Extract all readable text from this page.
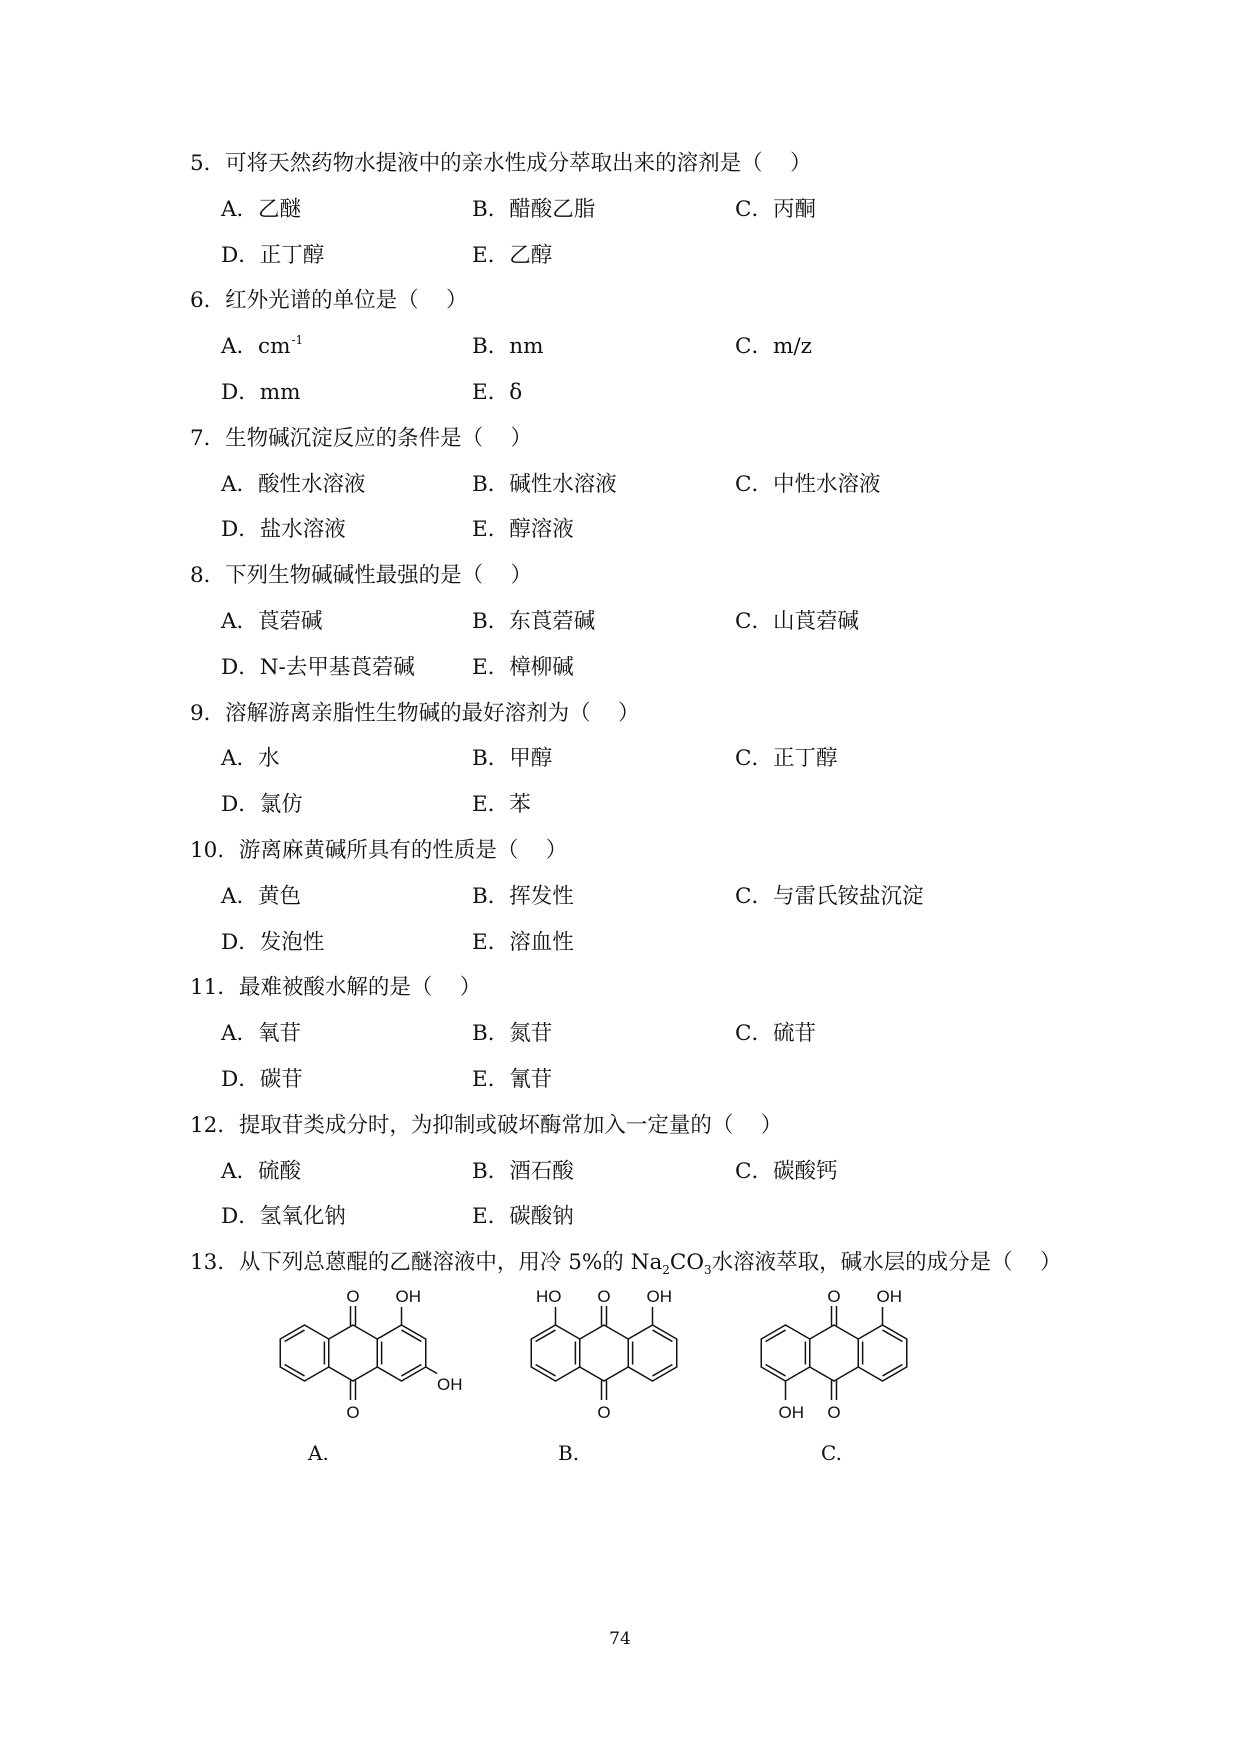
5．可将天然药物水提液中的亲水性成分萃取出来的溶剂是（    ）
A．乙醚	B．醋酸乙脂	C．丙酮
D．正丁醇	E．乙醇
6．红外光谱的单位是（    ）
A．$cm^{-1}$	B．nm	C．m/z
D．mm	E．δ
7．生物碱沉淀反应的条件是（    ）
A．酸性水溶液	B．碱性水溶液	C．中性水溶液
D．盐水溶液	E．醇溶液
8．下列生物碱碱性最强的是（    ）
A．莨菪碱	B．东莨菪碱	C．山莨菪碱
D．N-去甲基莨菪碱	E．樟柳碱
9．溶解游离亲脂性生物碱的最好溶剂为（    ）
A．水	B．甲醇	C．正丁醇
D．氯仿	E．苯
10．游离麻黄碱所具有的性质是（    ）
A．黄色	B．挥发性	C．与雷氏铵盐沉淀
D．发泡性	E．溶血性
11．最难被酸水解的是（    ）
A．氧苷	B．氮苷	C．硫苷
D．碳苷	E．氰苷
12．提取苷类成分时，为抑制或破坏酶常加入一定量的（    ）
A．硫酸	B．酒石酸	C．碳酸钙
D．氢氧化钠	E．碳酸钠
13．从下列总蒽醌的乙醚溶液中，用冷 5%的 $Na_2CO_3$水溶液萃取，碱水层的成分是（    ）
O
O
OH
OH
O
O
HO	OH	O
O
OH
OH
A.	B.	C.
74
